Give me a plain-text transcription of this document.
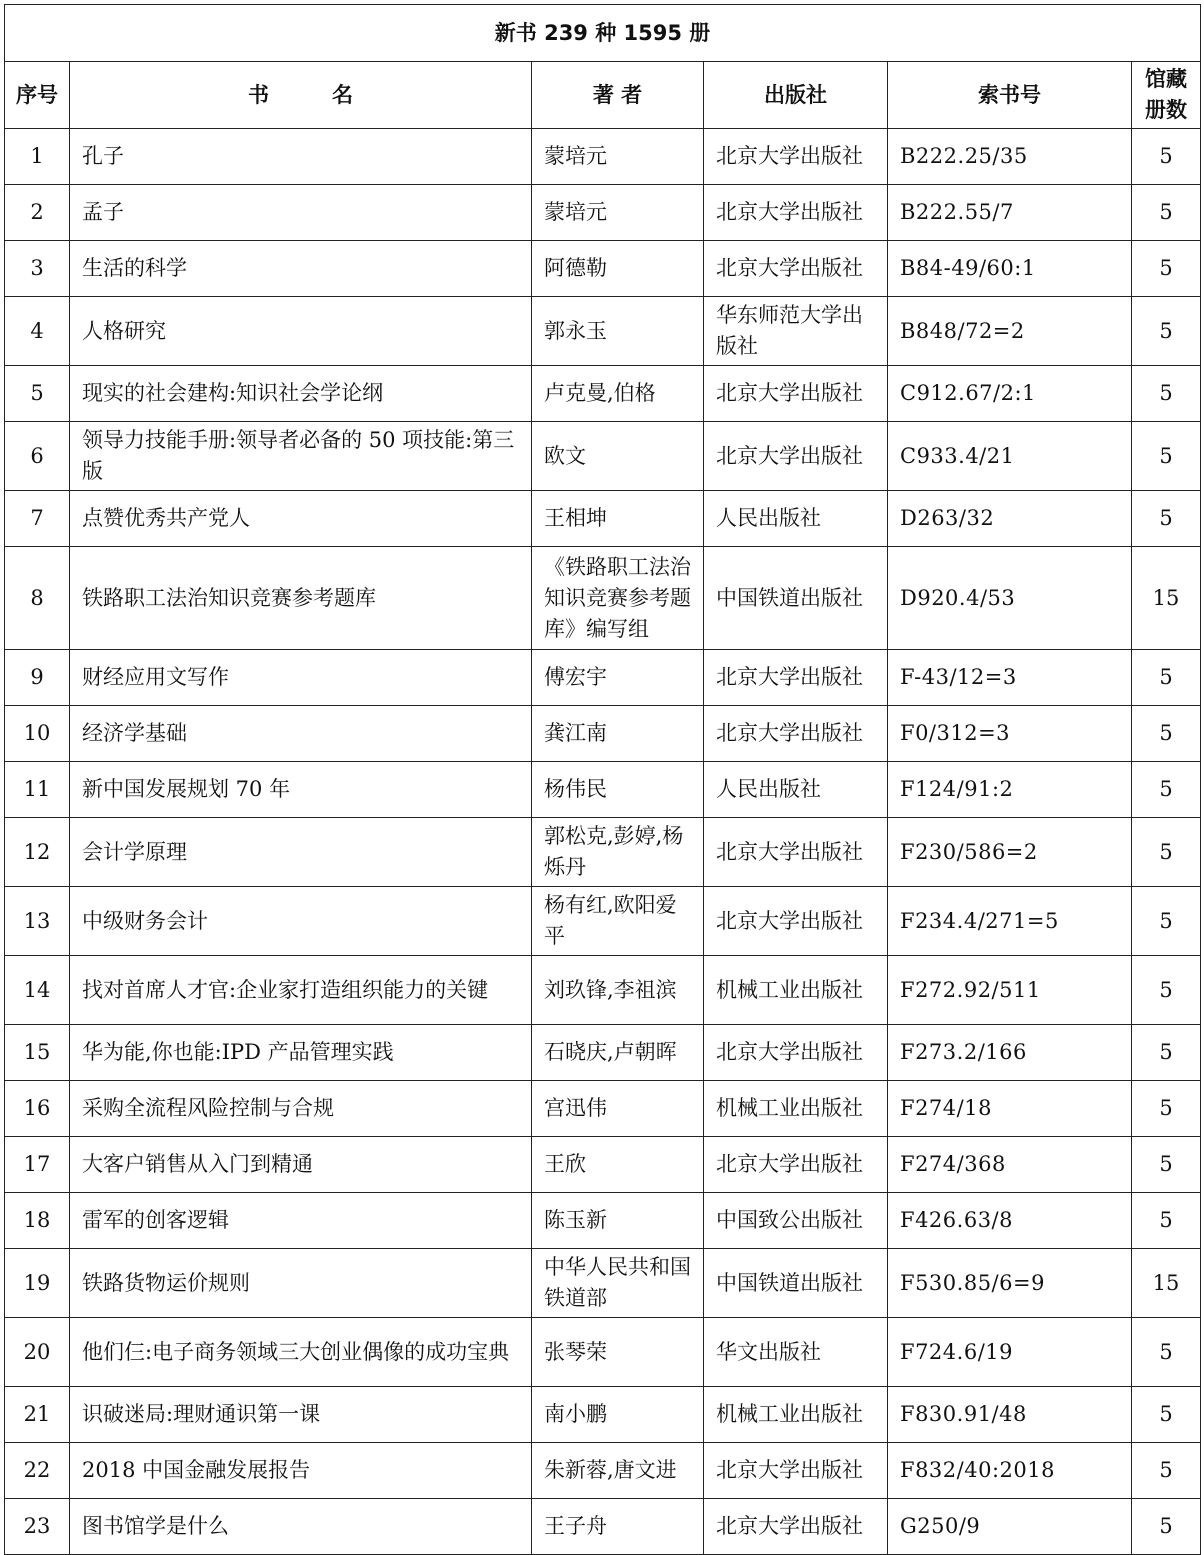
新书 239 种 1595 册					
序号	书　　　名	著 者	出版社	索书号	馆藏册数
1	孔子	蒙培元	北京大学出版社	B222.25/35	5
2	孟子	蒙培元	北京大学出版社	B222.55/7	5
3	生活的科学	阿德勒	北京大学出版社	B84-49/60:1	5
4	人格研究	郭永玉	华东师范大学出版社	B848/72=2	5
5	现实的社会建构:知识社会学论纲	卢克曼,伯格	北京大学出版社	C912.67/2:1	5
6	领导力技能手册:领导者必备的 50 项技能:第三版	欧文	北京大学出版社	C933.4/21	5
7	点赞优秀共产党人	王相坤	人民出版社	D263/32	5
8	铁路职工法治知识竞赛参考题库	《铁路职工法治知识竞赛参考题库》编写组	中国铁道出版社	D920.4/53	15
9	财经应用文写作	傅宏宇	北京大学出版社	F-43/12=3	5
10	经济学基础	龚江南	北京大学出版社	F0/312=3	5
11	新中国发展规划 70 年	杨伟民	人民出版社	F124/91:2	5
12	会计学原理	郭松克,彭婷,杨烁丹	北京大学出版社	F230/586=2	5
13	中级财务会计	杨有红,欧阳爱平	北京大学出版社	F234.4/271=5	5
14	找对首席人才官:企业家打造组织能力的关键	刘玖锋,李祖滨	机械工业出版社	F272.92/511	5
15	华为能,你也能:IPD 产品管理实践	石晓庆,卢朝晖	北京大学出版社	F273.2/166	5
16	采购全流程风险控制与合规	宫迅伟	机械工业出版社	F274/18	5
17	大客户销售从入门到精通	王欣	北京大学出版社	F274/368	5
18	雷军的创客逻辑	陈玉新	中国致公出版社	F426.63/8	5
19	铁路货物运价规则	中华人民共和国铁道部	中国铁道出版社	F530.85/6=9	15
20	他们仨:电子商务领域三大创业偶像的成功宝典	张琴荣	华文出版社	F724.6/19	5
21	识破迷局:理财通识第一课	南小鹏	机械工业出版社	F830.91/48	5
22	2018 中国金融发展报告	朱新蓉,唐文进	北京大学出版社	F832/40:2018	5
23	图书馆学是什么	王子舟	北京大学出版社	G250/9	5
